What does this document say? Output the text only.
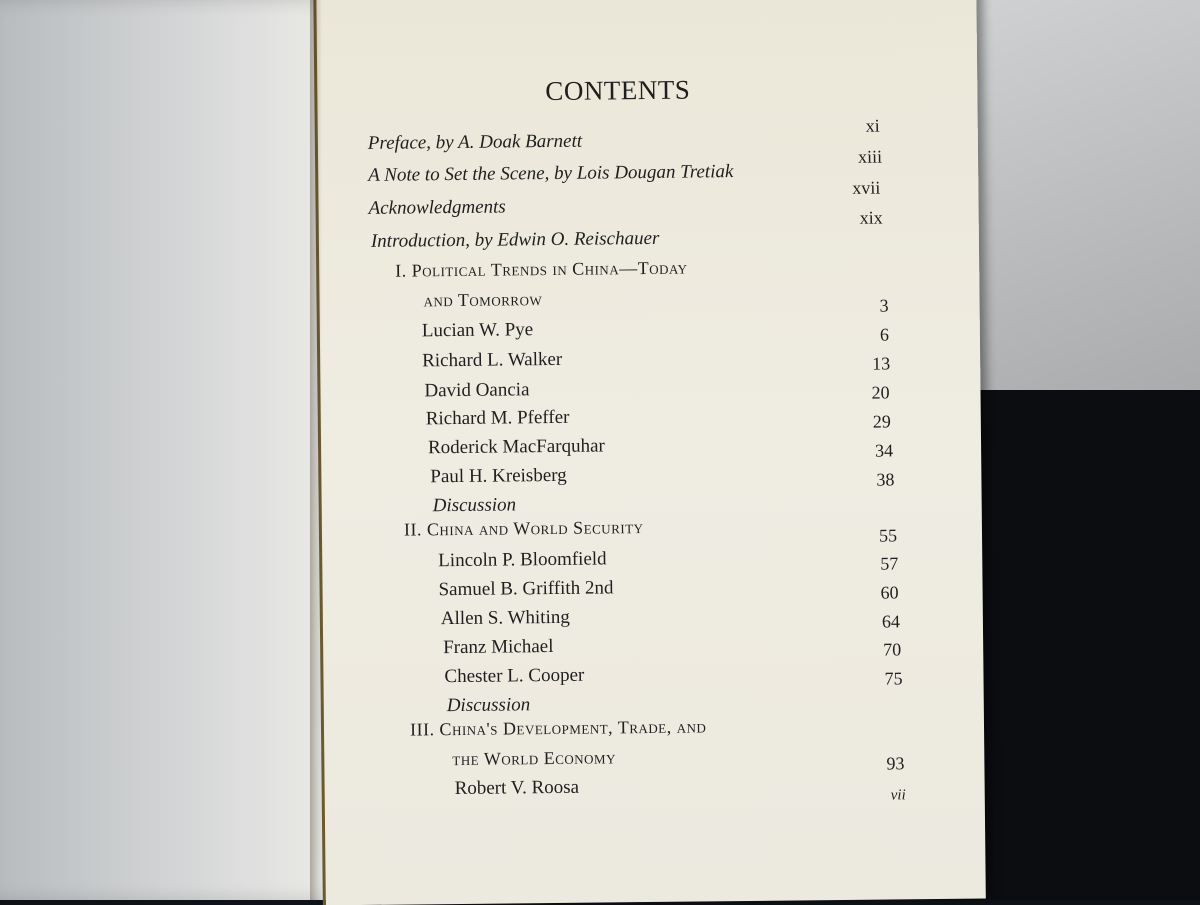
CONTENTS
Preface, by A. Doak Barnett
xi
A Note to Set the Scene, by Lois Dougan Tretiak
xiii
Acknowledgments
xvii
Introduction, by Edwin O. Reischauer
xix
I. Political Trends in China—Today
and Tomorrow
Lucian W. Pye
3
Richard L. Walker
6
David Oancia
13
Richard M. Pfeffer
20
Roderick MacFarquhar
29
Paul H. Kreisberg
34
Discussion
38
II. China and World Security
Lincoln P. Bloomfield
55
Samuel B. Griffith 2nd
57
Allen S. Whiting
60
Franz Michael
64
Chester L. Cooper
70
Discussion
75
III. China's Development, Trade, and
the World Economy
Robert V. Roosa
93
vii
